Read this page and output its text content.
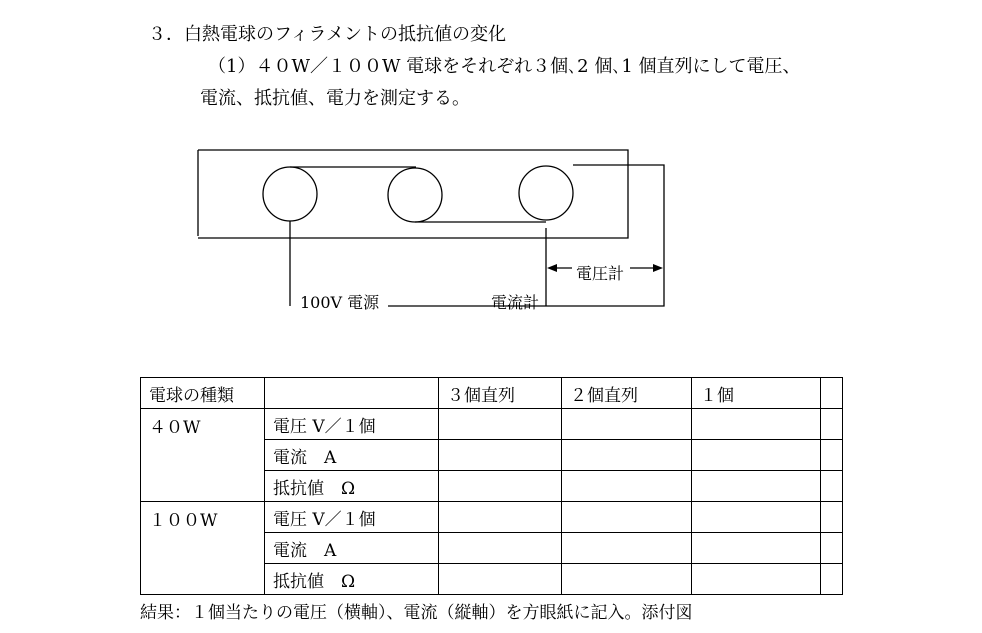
３．白熱電球のフィラメントの抵抗値の変化
（1）４０W／１００W 電球をそれぞれ３個､2 個､1 個直列にして電圧、
電流、抵抗値、電力を測定する。
100V 電源	電流計
電圧計
電球の種類		３個直列	２個直列	１個	
４０W	電圧 V／１個				
	電流　A				
	抵抗値　Ω				
１００W	電圧 V／１個				
	電流　A				
	抵抗値　Ω				
結果：１個当たりの電圧（横軸）、電流（縦軸）を方眼紙に記入。添付図
